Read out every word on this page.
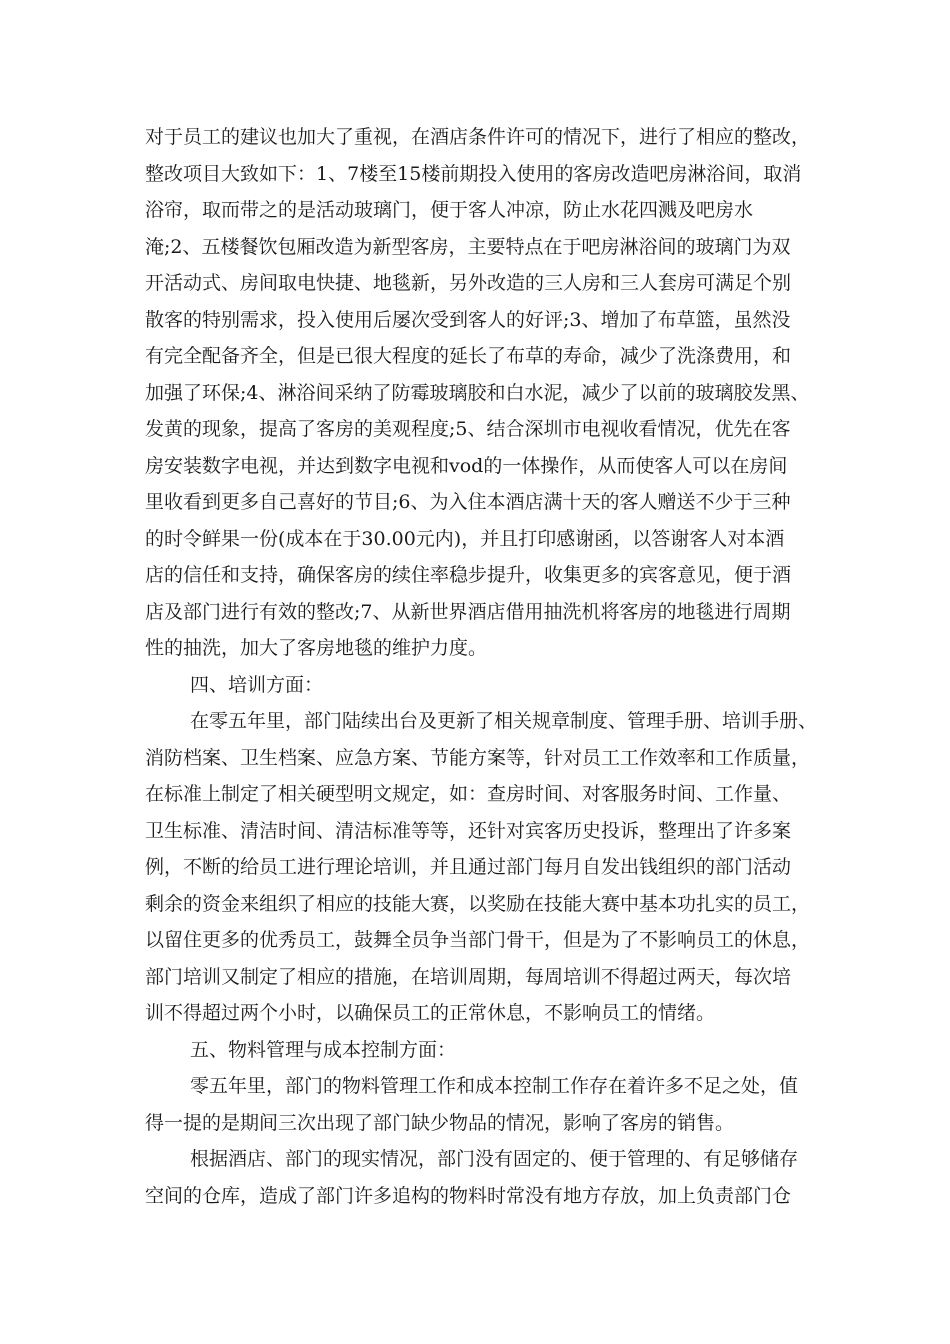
对于员工的建议也加大了重视，在酒店条件许可的情况下，进行了相应的整改，
整改项目大致如下：1、7楼至15楼前期投入使用的客房改造吧房淋浴间，取消
浴帘，取而带之的是活动玻璃门，便于客人冲凉，防止水花四溅及吧房水
淹;2、五楼餐饮包厢改造为新型客房，主要特点在于吧房淋浴间的玻璃门为双
开活动式、房间取电快捷、地毯新，另外改造的三人房和三人套房可满足个别
散客的特别需求，投入使用后屡次受到客人的好评;3、增加了布草篮，虽然没
有完全配备齐全，但是已很大程度的延长了布草的寿命，减少了洗涤费用，和
加强了环保;4、淋浴间采纳了防霉玻璃胶和白水泥，减少了以前的玻璃胶发黑、
发黄的现象，提高了客房的美观程度;5、结合深圳市电视收看情况，优先在客
房安装数字电视，并达到数字电视和vod的一体操作，从而使客人可以在房间
里收看到更多自己喜好的节目;6、为入住本酒店满十天的客人赠送不少于三种
的时令鲜果一份(成本在于30.00元内)，并且打印感谢函，以答谢客人对本酒
店的信任和支持，确保客房的续住率稳步提升，收集更多的宾客意见，便于酒
店及部门进行有效的整改;7、从新世界酒店借用抽洗机将客房的地毯进行周期
性的抽洗，加大了客房地毯的维护力度。
四、培训方面：
在零五年里，部门陆续出台及更新了相关规章制度、管理手册、培训手册、
消防档案、卫生档案、应急方案、节能方案等，针对员工工作效率和工作质量，
在标准上制定了相关硬型明文规定，如：查房时间、对客服务时间、工作量、
卫生标准、清洁时间、清洁标准等等，还针对宾客历史投诉，整理出了许多案
例，不断的给员工进行理论培训，并且通过部门每月自发出钱组织的部门活动
剩余的资金来组织了相应的技能大赛，以奖励在技能大赛中基本功扎实的员工，
以留住更多的优秀员工，鼓舞全员争当部门骨干，但是为了不影响员工的休息，
部门培训又制定了相应的措施，在培训周期，每周培训不得超过两天，每次培
训不得超过两个小时，以确保员工的正常休息，不影响员工的情绪。
五、物料管理与成本控制方面：
零五年里，部门的物料管理工作和成本控制工作存在着许多不足之处，值
得一提的是期间三次出现了部门缺少物品的情况，影响了客房的销售。
根据酒店、部门的现实情况，部门没有固定的、便于管理的、有足够储存
空间的仓库，造成了部门许多追构的物料时常没有地方存放，加上负责部门仓
